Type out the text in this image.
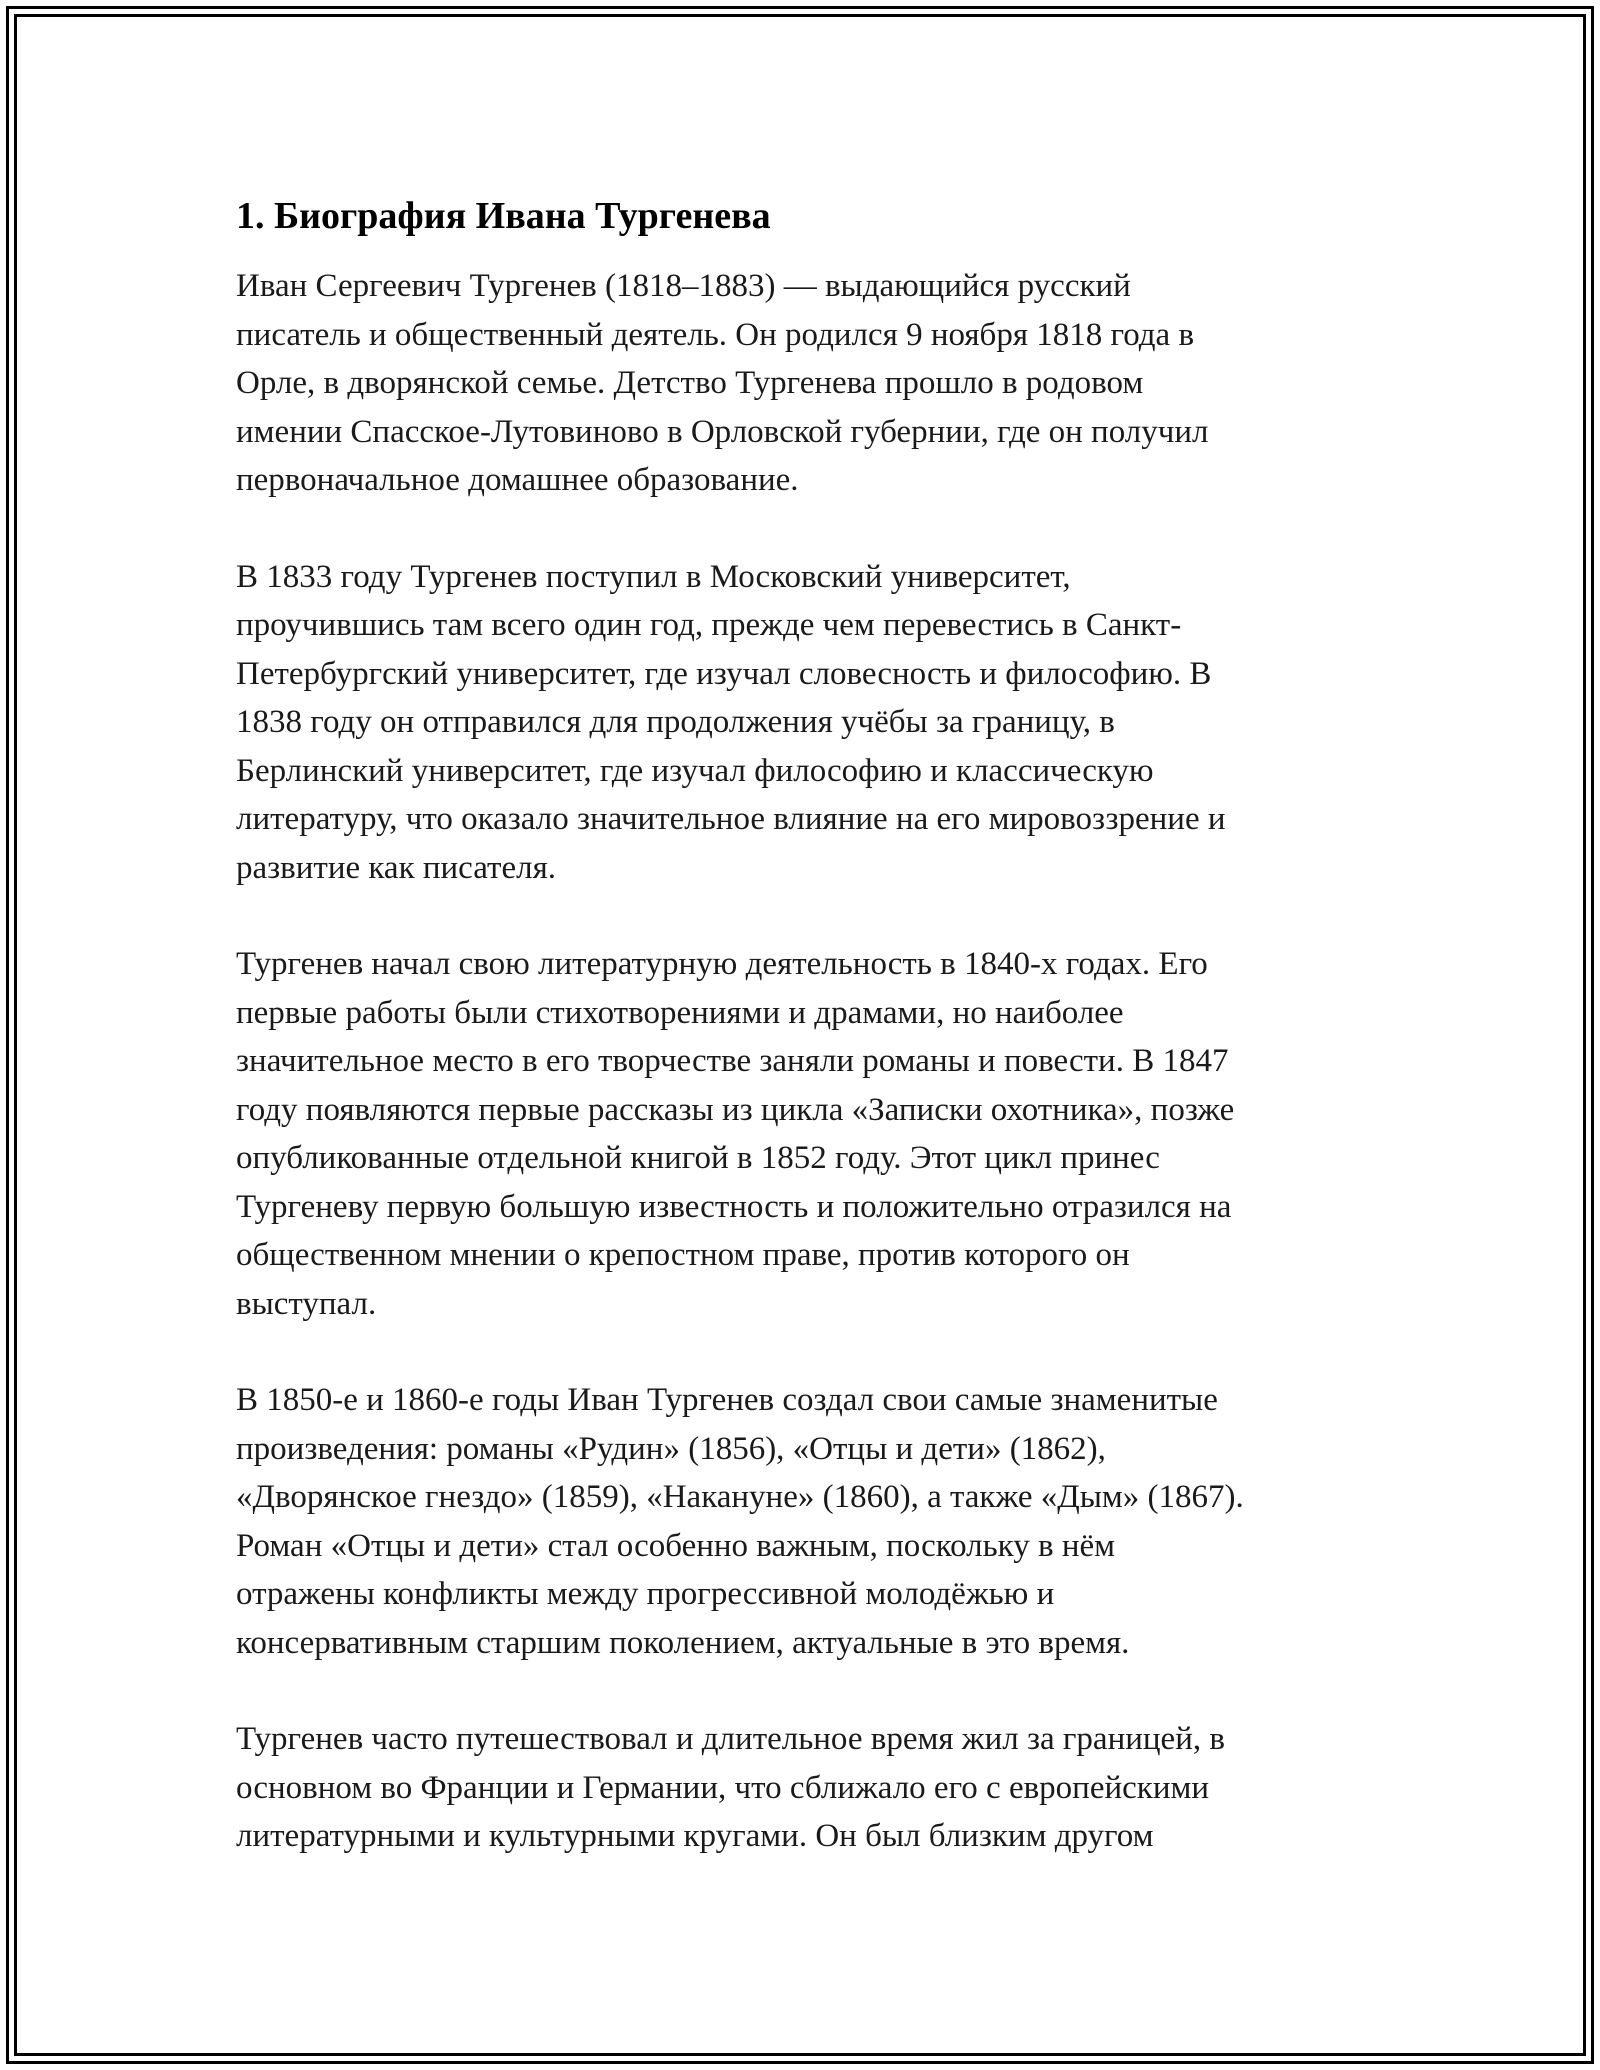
1. Биография Ивана Тургенева

Иван Сергеевич Тургенев (1818–1883) — выдающийся русский
писатель и общественный деятель. Он родился 9 ноября 1818 года в
Орле, в дворянской семье. Детство Тургенева прошло в родовом
имении Спасское-Лутовиново в Орловской губернии, где он получил
первоначальное домашнее образование.

В 1833 году Тургенев поступил в Московский университет,
проучившись там всего один год, прежде чем перевестись в Санкт-
Петербургский университет, где изучал словесность и философию. В
1838 году он отправился для продолжения учёбы за границу, в
Берлинский университет, где изучал философию и классическую
литературу, что оказало значительное влияние на его мировоззрение и
развитие как писателя.

Тургенев начал свою литературную деятельность в 1840-х годах. Его
первые работы были стихотворениями и драмами, но наиболее
значительное место в его творчестве заняли романы и повести. В 1847
году появляются первые рассказы из цикла «Записки охотника», позже
опубликованные отдельной книгой в 1852 году. Этот цикл принес
Тургеневу первую большую известность и положительно отразился на
общественном мнении о крепостном праве, против которого он
выступал.

В 1850-е и 1860-е годы Иван Тургенев создал свои самые знаменитые
произведения: романы «Рудин» (1856), «Отцы и дети» (1862),
«Дворянское гнездо» (1859), «Накануне» (1860), а также «Дым» (1867).
Роман «Отцы и дети» стал особенно важным, поскольку в нём
отражены конфликты между прогрессивной молодёжью и
консервативным старшим поколением, актуальные в это время.

Тургенев часто путешествовал и длительное время жил за границей, в
основном во Франции и Германии, что сближало его с европейскими
литературными и культурными кругами. Он был близким другом
